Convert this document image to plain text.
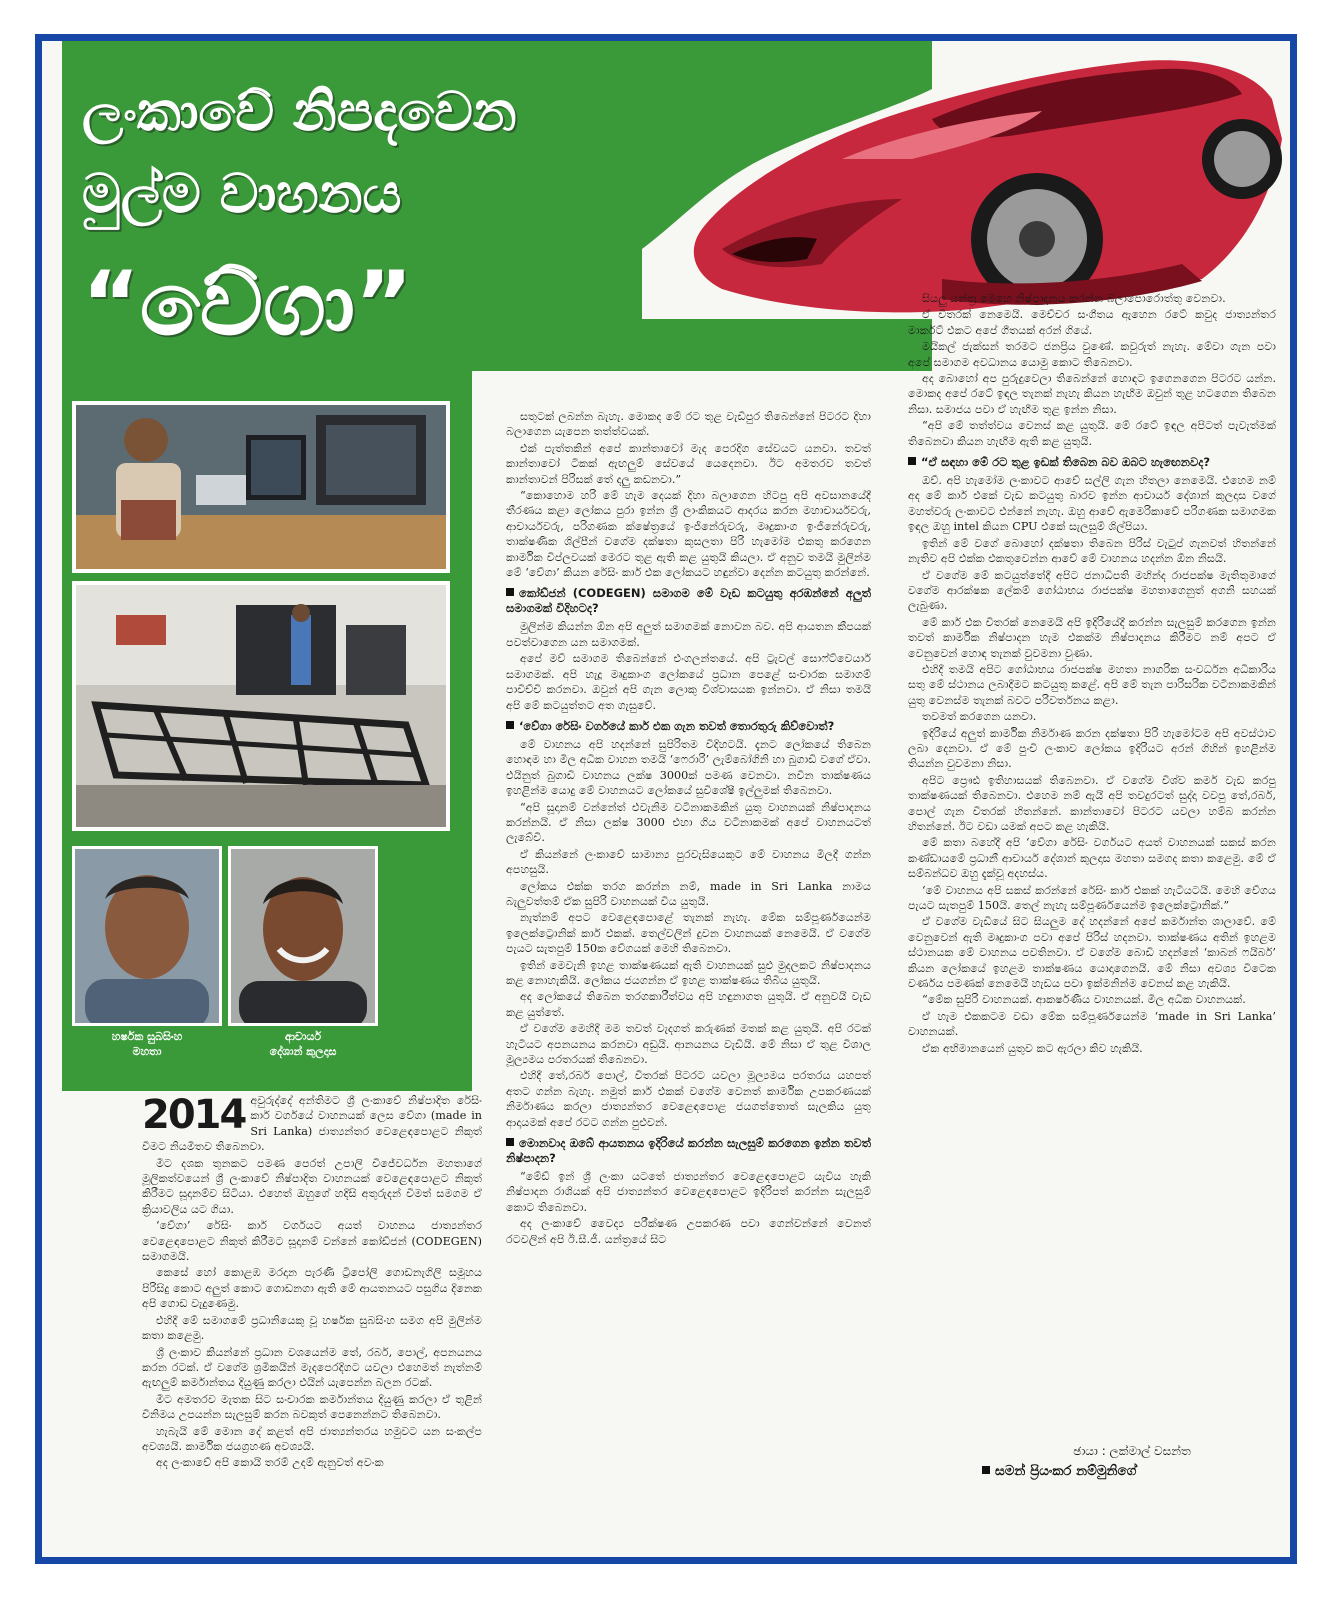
ලංකාවේ නිපදවෙන
මුල්ම වාහනය
“වේගා”
හර්ෂක සුබසිංහ
මහතා
ආචාර්ය
දේශාන් කුලදාස
2014 අවුරුද්දේ අන්තිමට ශ්‍රී ලංකාවේ නිෂ්පාදිත රේසිං කාර් වර්ගයේ වාහනයක් ලෙස වේගා (made in Sri Lanka) ජාත්‍යන්තර වෙළෙඳපොළට නිකුත් වීමට නියමිතව තිබෙනවා.

මීට දශක තුනකට පමණ පෙරත් උපාලි විජේවර්ධන මහතාගේ මූලිකත්වයෙන් ශ්‍රී ලංකාවේ නිෂ්පාදිත වාහනයක් වෙළෙඳපොළට නිකුත් කිරීමට සූදානම්ව සිටියා. එහෙත් ඔහුගේ හදිසි අතුරුදන් වීමත් සමගම ඒ ක්‍රියාවලිය යට ගියා.

‘වේගා’ රේසිං කාර් වර්ගයට අයත් වාහනය ජාත්‍යන්තර වෙළෙඳපොළට නිකුත් කිරීමට සූදානම් වන්නේ කෝඩ්ජන් (CODEGEN) සමාගමයි.

කෙසේ හෝ කොළඹ මරදාන පැරණි ට්‍රිපෝලි ගොඩනැගිලි සමූහය පිරිසිදු කොට අලුත් කොට ගොඩනගා ඇති මේ ආයතනයට පසුගිය දිනෙක අපි ගොඩ වැදුණෙමු.

එහිදී මේ සමාගමේ ප්‍රධානියෙකු වූ හර්ෂක සුබසිංහ සමග අපි මුලින්ම කතා කළෙමු.

ශ්‍රී ලංකාව කියන්නේ ප්‍රධාන වශයෙන්ම තේ, රබර්, පොල්, අපනයනය කරන රටක්. ඒ වගේම ශ්‍රමිකයින් මැදපෙරදිගට යවලා එහෙමත් නැත්නම් ඇඟලුම් කර්මාන්තය දියුණු කරලා එයින් යැපෙන්න බලන රටක්.

මීට අමතරව මැතක සිට සංචාරක කර්මාන්තය දියුණු කරලා ඒ තුළින් විනිමය උපයන්න සැලසුම් කරන බවකුත් පෙනෙන්නට තිබෙනවා.

හැබැයි මේ මොන දේ කළත් අපි ජාත්‍යන්තරය හමුවට යන සංකල්ප අවශ්‍යයි. කාර්මික ජයග්‍රහණ අවශ්‍යයි.

අද ලංකාවේ අපි කොයි තරම් උදම් ඇනුවත් අවංක

සතුටක් ලබන්න බැහැ. මොකද මේ රට තුළ වැඩිපුර තිබෙන්නේ පිටරට දිහා බලාගෙන යැපෙන තත්ත්වයක්.

එක් පැත්තකින් අපේ කාන්තාවෝ මැද පෙරදිග සේවයට යනවා. තවත් කාන්තාවෝ ටිකක් ඇඟලුම් සේවයේ යෙදෙනවා. ඊට අමතරව තවත් කාන්තාවන් පිරිසක් තේ දලු කඩනවා.”

“කොහොම හරි මේ හැම දෙයක් දිහා බලාගෙන හිටපු අපි අවසානයේදී තීරණය කළා ලෝකය පුරා ඉන්න ශ්‍රී ලාංකිකයට ආදරය කරන මහාචාර්යවරු, ආචාර්යවරු, පරිගණක ක්ෂේත්‍රයේ ඉංජිනේරුවරු, මෘදුකාංග ඉංජිනේරුවරු, තාක්ෂණික ශිල්පීන් වගේම දක්ෂතා කුසලතා පිරි හැමෝම එකතු කරගෙන කාර්මික විප්ලවයක් මෙරට තුළ ඇති කළ යුතුයි කියලා. ඒ අනුව තමයි මුලින්ම මේ ‘වේගා’ කියන රේසිං කාර් එක ලෝකයට හඳුන්වා දෙන්න කටයුතු කරන්නේ.

කෝඩ්ජන් (CODEGEN) සමාගම මේ වැඩ කටයුතු අරඹන්නේ අලුත් සමාගමක් විදිහටද?

මුලින්ම කියන්න ඕන අපි අලුත් සමාගමක් නොවන බව. අපි ආයතන කීපයක් පවත්වාගෙන යන සමාගමක්.

අපේ මව් සමාගම තිබෙන්නේ එංගලන්තයේ. අපි ට්‍රැවල් සොෆ්ට්වෙයාර් සමාගමක්. අපි හැදූ මෘදුකාංග ලෝකයේ ප්‍රධාන පෙළේ සංචාරක සමාගම් පාවිච්චි කරනවා. ඔවුන් අපි ගැන ලොකු විශ්වාසයක ඉන්නවා. ඒ නිසා තමයි අපි මේ කටයුත්තට අත ගැසුවේ.

‘වේගා රේසිං වර්ගයේ කාර් එක ගැන තවත් තොරතුරු කිව්වොත්?

මේ වාහනය අපි හදන්නේ සුපිරිතම විදිහටයි. දැනට ලෝකයේ තිබෙන හොඳම හා මිල අධික වාහන තමයි ‘ෆෙරාරි’ ලැම්බෝගිනි හා බුගාඩි වගේ ඒවා. එයිනුත් බුගාඩි වාහනය ලක්ෂ 3000ක් පමණ වෙනවා. නවීන තාක්ෂණය ඉහළින්ම යොදු මේ වාහනයට ලෝකයේ සුවිශේෂී ඉල්ලුමක් තිබෙනවා.

“අපි සූදානම් වන්නේත් එවැනිම වටිනාකමකින් යුතු වාහනයක් නිෂ්පාදනය කරන්නයි. ඒ නිසා ලක්ෂ 3000 එහා ගිය වටිනාකමක් අපේ වාහනයටත් ලැබේවි.

ඒ කියන්නේ ලංකාවේ සාමාන්‍ය පුරවැසියෙකුට මේ වාහනය මිලදී ගන්න අපහසුයි.

ලෝකය එක්ක තරග කරන්න නම්, made in Sri Lanka නාමය බැලුවත්තම් ඒක සුපිරි වාහනයක් විය යුතුයි.

නැත්නම් අපට වෙළෙඳපොළේ තැනක් නැහැ. මේක සම්පූර්ණයෙන්ම ඉලෙක්ට්‍රොනික් කාර් එකක්. තෙල්වලින් දුවන වාහනයක් නෙමෙයි. ඒ වගේම පැයට සැතපුම් 150ක වේගයක් මෙහි තිබෙනවා.

ඉතින් මෙවැනි ඉහළ තාක්ෂණයක් ඇති වාහනයක් සුළු මුදලකට නිෂ්පාදනය කළ නොහැකියි. ලෝකය ජයගන්න ඒ ඉහළ තාක්ෂණය තිබිය යුතුයි.

අද ලෝකයේ තිබෙන තරගකාරීත්වය අපි හඳුනාගත යුතුයි. ඒ අනුවයි වැඩ කළ යුත්තේ.

ඒ වගේම මෙහිදී මම තවත් වැදගත් කරුණක් මතක් කළ යුතුයි. අපි රටක් හැටියට අපනයනය කරනවා අඩුයි. ආනයනය වැඩියි. මේ නිසා ඒ තුළ විශාල මූල්‍යමය පරතරයක් තිබෙනවා.

එහිදී තේ,රබර් පොල්, විතරක් පිටරට යවලා මූල්‍යමය පරතරය යහපත් අතට ගන්න බැහැ. නමුත් කාර් එකක් වගේම වෙනත් කාර්මික උපකරණයක් නිර්මාණය කරලා ජාත්‍යන්තර වෙළෙඳපොළ ජයගත්තොත් සැලකිය යුතු ආදායමක් අපේ රටට ගන්න පුළුවන්.

මොනවාද ඔබේ ආයතනය ඉදිරියේ කරන්න සැලසුම් කරගෙන ඉන්න තවත් නිෂ්පාදන?

“මේඩ් ඉන් ශ්‍රී ලංකා යටතේ ජාත්‍යන්තර වෙළෙඳපොළට යැවිය හැකි නිෂ්පාදන රාශියක් අපි ජාත්‍යන්තර වෙළෙඳපොළට ඉදිරිපත් කරන්න සැලසුම් කොට තිබෙනවා.

අද ලංකාවේ වෛද්‍ය පරීක්ෂණ උපකරණ පවා ගෙන්වන්නේ වෙනත් රටවලින් අපි ඊ.සී.ජී. යන්ත්‍රයේ සිට

සියලු යන්ත්‍ර මෙහෙ නිෂ්පාදනය කරන්න බලාපොරොත්තු වෙනවා.

ඒ විතරක් නෙමෙයි. මෙච්චර සංගීතය ඇහෙන රටේ කවුද ජාත්‍යන්තර මාර්කට් එකට අපේ ගීතයක් අරන් ගියේ.

මයිකල් ජැක්සන් තරමට ජනප්‍රිය වුණේ. කවුරුත් නැහැ. මේවා ගැන පවා අපේ සමාගම අවධානය යොමු කොට තිබෙනවා.

අද බොහෝ අප පුරුදුවෙලා තිබෙන්නේ හොඳට ඉගෙනගෙන පිටරට යන්න. මොකද අපේ රටේ ඉඳල තැනක් නැහැ කියන හැඟීම ඔවුන් තුළ හටගෙන තිබෙන නිසා. සමාජය පවා ඒ හැඟීම තුළ ඉන්න නිසා.

“අපි මේ තත්ත්වය වෙනස් කළ යුතුයි. මේ රටේ ඉඳල අපිටත් පැවැත්මක් තිබෙනවා කියන හැඟීම ඇති කළ යුතුයි.

“ඒ සඳහා මේ රට තුළ ඉඩක් තිබෙන බව ඔබට හැඟෙනවද?

ඔව්. අපි හැමෝම ලංකාවට ආවේ සල්ලි ගැන හිතලා නෙමෙයි. එහෙම නම් අද මේ කාර් එකේ වැඩ කටයුතු බාරව ඉන්න ආචාර්ය දේශාන් කුලදාස වගේ මහත්වරු ලංකාවට එන්නේ නැහැ. ඔහු ආවේ ඇමෙරිකාවේ පරිගණක සමාගමක ඉඳල ඔහු intel කියන CPU එකේ සැලසුම් ශිල්පියා.

ඉතින් මේ වගේ බොහෝ දක්ෂතා තිබෙන පිරිස් වැටුප් ගැනවත් හිතන්නේ නැතිව අපි එක්ක එකතුවෙන්න ආවේ මේ වාහනය හදන්න ඕන නිසයි.

ඒ වගේම මේ කටයුත්තේදී අපිට ජනාධිපති මහින්ද රාජපක්ෂ මැතිතුමාගේ වගේම ආරක්ෂක ලේකම් ගෝඨාභය රාජපක්ෂ මහතාගෙනුත් අගනි සහයක් ලැබුණා.

මේ කාර් එක විතරක් නෙමෙයි අපි ඉදිරියේදී කරන්න සැලසුම් කරගෙන ඉන්න තවත් කාර්මික නිෂ්පාදන හැම එකක්ම නිෂ්පාදනය කිරීමට නම් අපට ඒ වෙනුවෙන් හොඳ තැනක් වුවමනා වුණා.

එහිදී තමයි අපිට ගෝඨාභය රාජපක්ෂ මහතා නාගරික සංවර්ධන අධිකාරිය සතු මේ ස්ථානය ලබාදීමට කටයුතු කළේ. අපි මේ තැන පාරිසරික වටිනාකමකින් යුතු වෙනස්ම තැනක් බවට පරිවර්තනය කළා.

තවමත් කරගෙන යනවා.

ඉදිරියේ අලුත් කාර්මික නිර්මාණ කරන දක්ෂතා පිරි හැමෝටම අපි අවස්ථාව ලබා දෙනවා. ඒ මේ පුංචි ලංකාව ලෝකය ඉදිරියට අරන් ගිහින් ඉහළින්ම තියන්න වුවමනා නිසා.

අපිට ප්‍රෞඪ ඉතිහාසයක් තිබෙනවා. ඒ වගේම විශ්ව කර්ම වැඩ කරපු තාක්ෂණයක් තිබෙනවා. එහෙම නම් ඇයි අපි තවදුරටත් සුද්දා වවපු තේ,රබර්, පොල් ගැන විතරක් හිතන්නේ. කාන්තාවෝ පිටරට යවලා හම්බ කරන්න හිතන්නේ. ඊට වඩා යමක් අපට කළ හැකියි.

මේ කතා බහේදී අපි ‘වේගා රේසිං වර්ගයට අයත් වාහනයක් සකස් කරන කණ්ඩායමේ ප්‍රධානී ආචාර්ය දේශාන් කුලදාස මහතා සමගද කතා කළෙමු. මේ ඒ සම්බන්ධව ඔහු දැක්වූ අදහස්ය.

‘මේ වාහනය අපි සකස් කරන්නේ රේසිං කාර් එකක් හැටියටයි. මෙහි වේගය පැයට සැතපුම් 150යි. තෙල් නැහැ සම්පූර්ණයෙන්ම ඉලෙක්ට්‍රොනික්.”

ඒ වගේම වැඩියේ සිට සියලුම දේ හදන්නේ අපේ කර්මාන්ත ශාලාවේ. මේ වෙනුවෙන් ඇති මෘදුකාංග පවා අපේ පිරිස් හදනවා. තාක්ෂණය අතින් ඉහළම ස්ථානයක මේ වාහනය පවතිනවා. ඒ වගේම බොඩි හදන්නේ ‘කාබන් ෆයිබර්’ කියන ලෝකයේ ඉහළම තාක්ෂණය යොදාගෙනයි. මේ නිසා අවශ්‍ය විටෙක වර්ණය පමණක් නෙමෙයි හැඩය පවා ඉක්මනින්ම වෙනස් කළ හැකියි.

“මේක සුපිරි වාහනයක්. ආකර්ෂණීය වාහනයක්. මිල අධික වාහනයක්.

ඒ හැම එකකටම වඩා මේක සම්පූර්ණයෙන්ම ‘made in Sri Lanka’ වාහනයක්.

ඒක අභිමානයෙන් යුතුව කට ඇරලා කිව හැකියි.

ඡායා : ලක්මාල් වසන්ත
සමන් ප්‍රියංකර නම්මුනිගේ
